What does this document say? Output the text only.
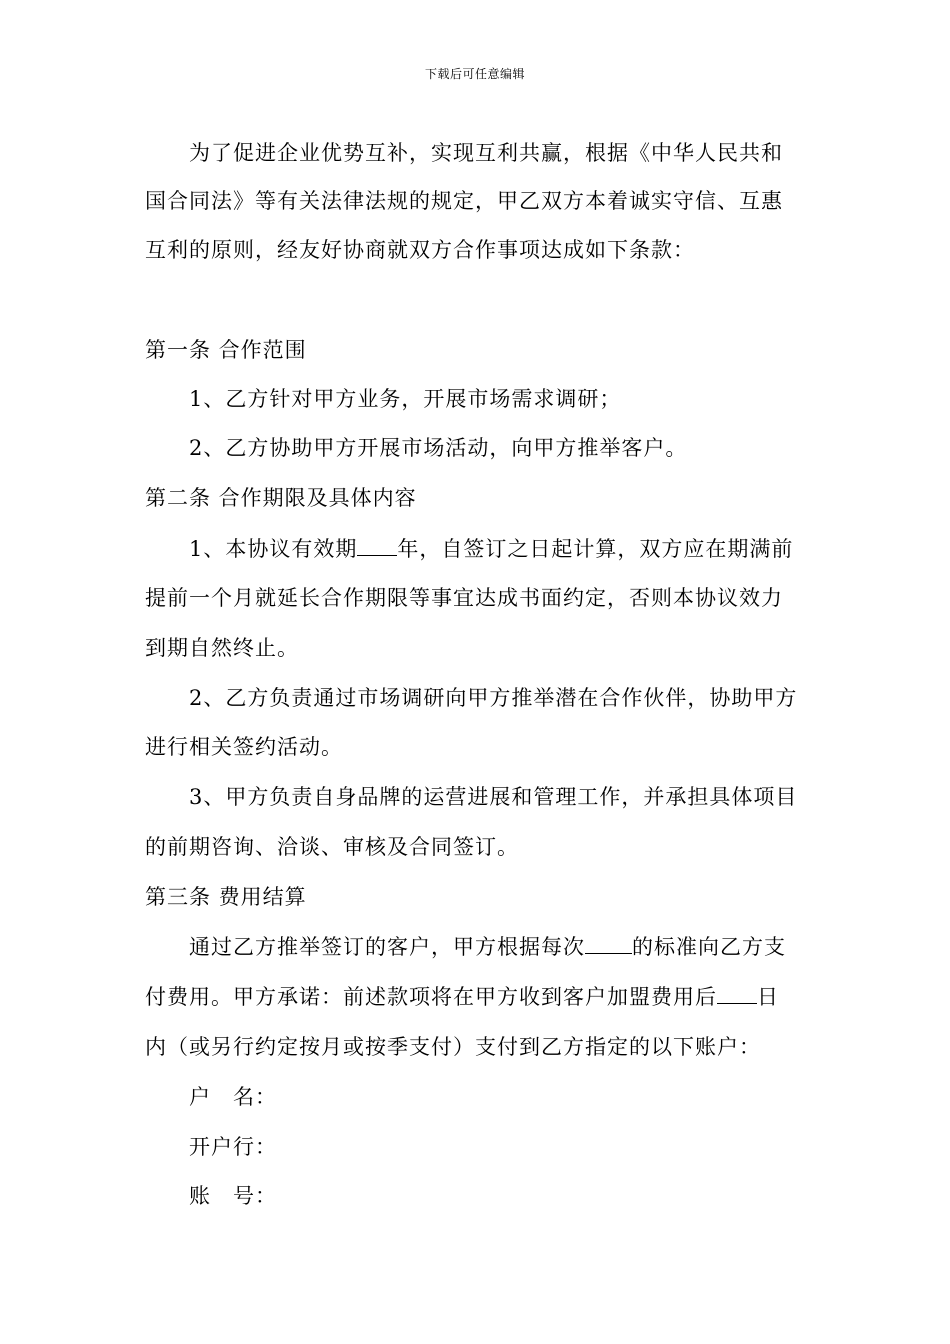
下载后可任意编辑
为了促进企业优势互补，实现互利共赢，根据《中华人民共和
国合同法》等有关法律法规的规定，甲乙双方本着诚实守信、互惠
互利的原则，经友好协商就双方合作事项达成如下条款：
第一条 合作范围
1、乙方针对甲方业务，开展市场需求调研；
2、乙方协助甲方开展市场活动，向甲方推举客户。
第二条 合作期限及具体内容
1、本协议有效期 年，自签订之日起计算，双方应在期满前
提前一个月就延长合作期限等事宜达成书面约定，否则本协议效力
到期自然终止。
2、乙方负责通过市场调研向甲方推举潜在合作伙伴，协助甲方
进行相关签约活动。
3、甲方负责自身品牌的运营进展和管理工作，并承担具体项目
的前期咨询、洽谈、审核及合同签订。
第三条 费用结算
通过乙方推举签订的客户，甲方根据每次 的标准向乙方支
付费用。甲方承诺：前述款项将在甲方收到客户加盟费用后 日
内（或另行约定按月或按季支付）支付到乙方指定的以下账户：
户 名：
开户行：
账 号：
